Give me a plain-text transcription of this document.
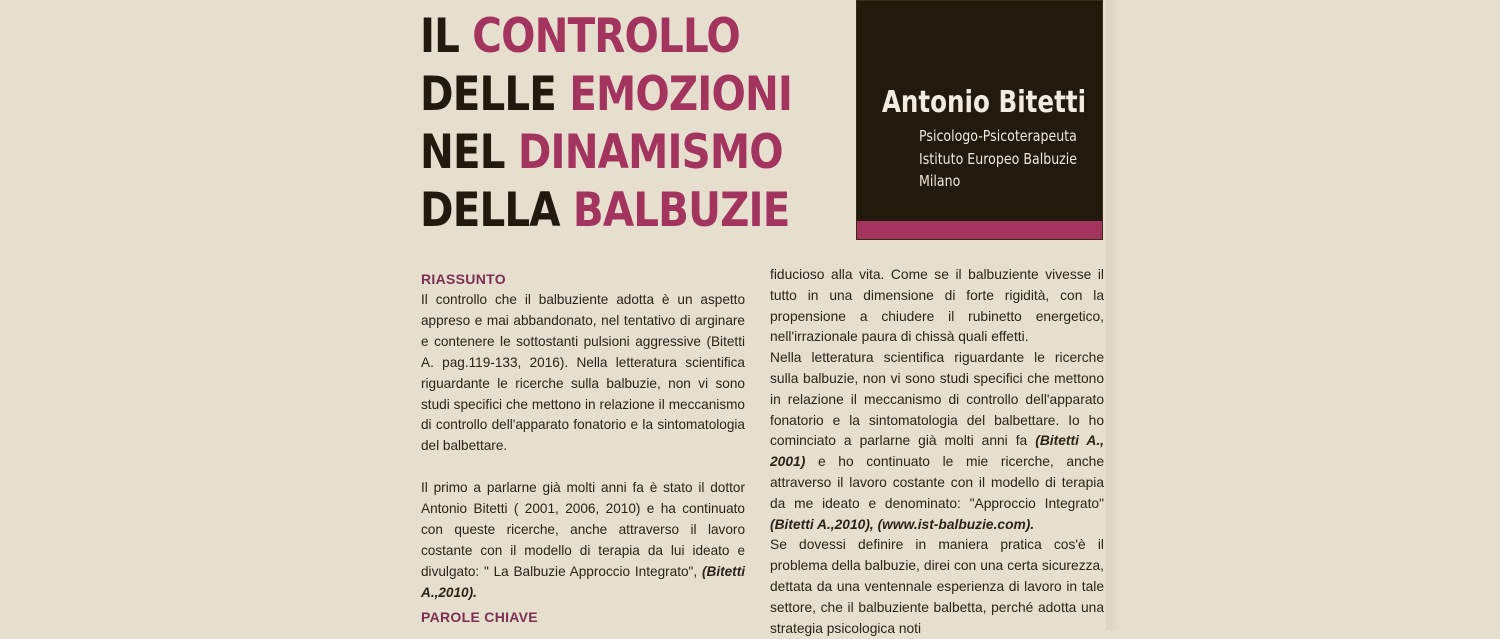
IL CONTROLLO
DELLE EMOZIONI
NEL DINAMISMO
DELLA BALBUZIE
Antonio Bitetti
Psicologo-Psicoterapeuta
Istituto Europeo Balbuzie
Milano
RIASSUNTO

Il controllo che il balbuziente adotta è un aspetto appreso e mai abbandonato, nel tentativo di arginare e contenere le sottostanti pulsioni aggressive (Bitetti A. pag.119-133, 2016). Nella letteratura scientifica riguardante le ricerche sulla balbuzie, non vi sono studi specifici che mettono in relazione il meccanismo di controllo dell'apparato fonatorio e la sintomatologia del balbettare.

Il primo a parlarne già molti anni fa è stato il dottor Antonio Bitetti ( 2001, 2006, 2010) e ha continuato con queste ricerche, anche attraverso il lavoro costante con il modello di terapia da lui ideato e divulgato: " La Balbuzie Approccio Integrato", (Bitetti A.,2010).

PAROLE CHIAVE

fiducioso alla vita. Come se il balbuziente vivesse il tutto in una dimensione di forte rigidità, con la propensione a chiudere il rubinetto energetico, nell'irrazionale paura di chissà quali effetti.

Nella letteratura scientifica riguardante le ricerche sulla balbuzie, non vi sono studi specifici che mettono in relazione il meccanismo di controllo dell'apparato fonatorio e la sintomatologia del balbettare. Io ho cominciato a parlarne già molti anni fa (Bitetti A., 2001) e ho continuato le mie ricerche, anche attraverso il lavoro costante con il modello di terapia da me ideato e denominato: "Approccio Integrato" (Bitetti A.,2010), (www.ist-balbuzie.com).

Se dovessi definire in maniera pratica cos'è il problema della balbuzie, direi con una certa sicurezza, dettata da una ventennale esperienza di lavoro in tale settore, che il balbuziente balbetta, perché adotta una strategia psicologica noti
